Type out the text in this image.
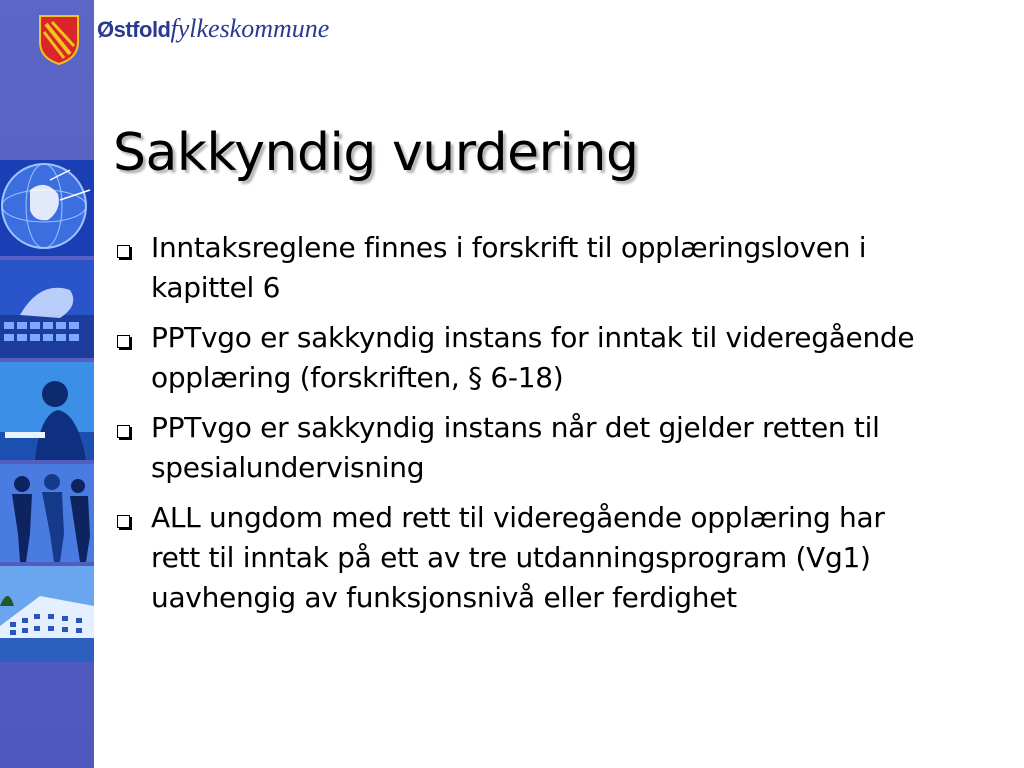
Østfoldfylkeskommune
Sakkyndig vurdering
Inntaksreglene finnes i forskrift til opplæringsloven i kapittel 6
PPTvgo er sakkyndig instans for inntak til videregående opplæring (forskriften, § 6-18)
PPTvgo er sakkyndig instans når det gjelder retten til spesialundervisning
ALL ungdom med rett til videregående opplæring har rett til inntak på ett av tre utdanningsprogram (Vg1) uavhengig av funksjonsnivå eller ferdighet
